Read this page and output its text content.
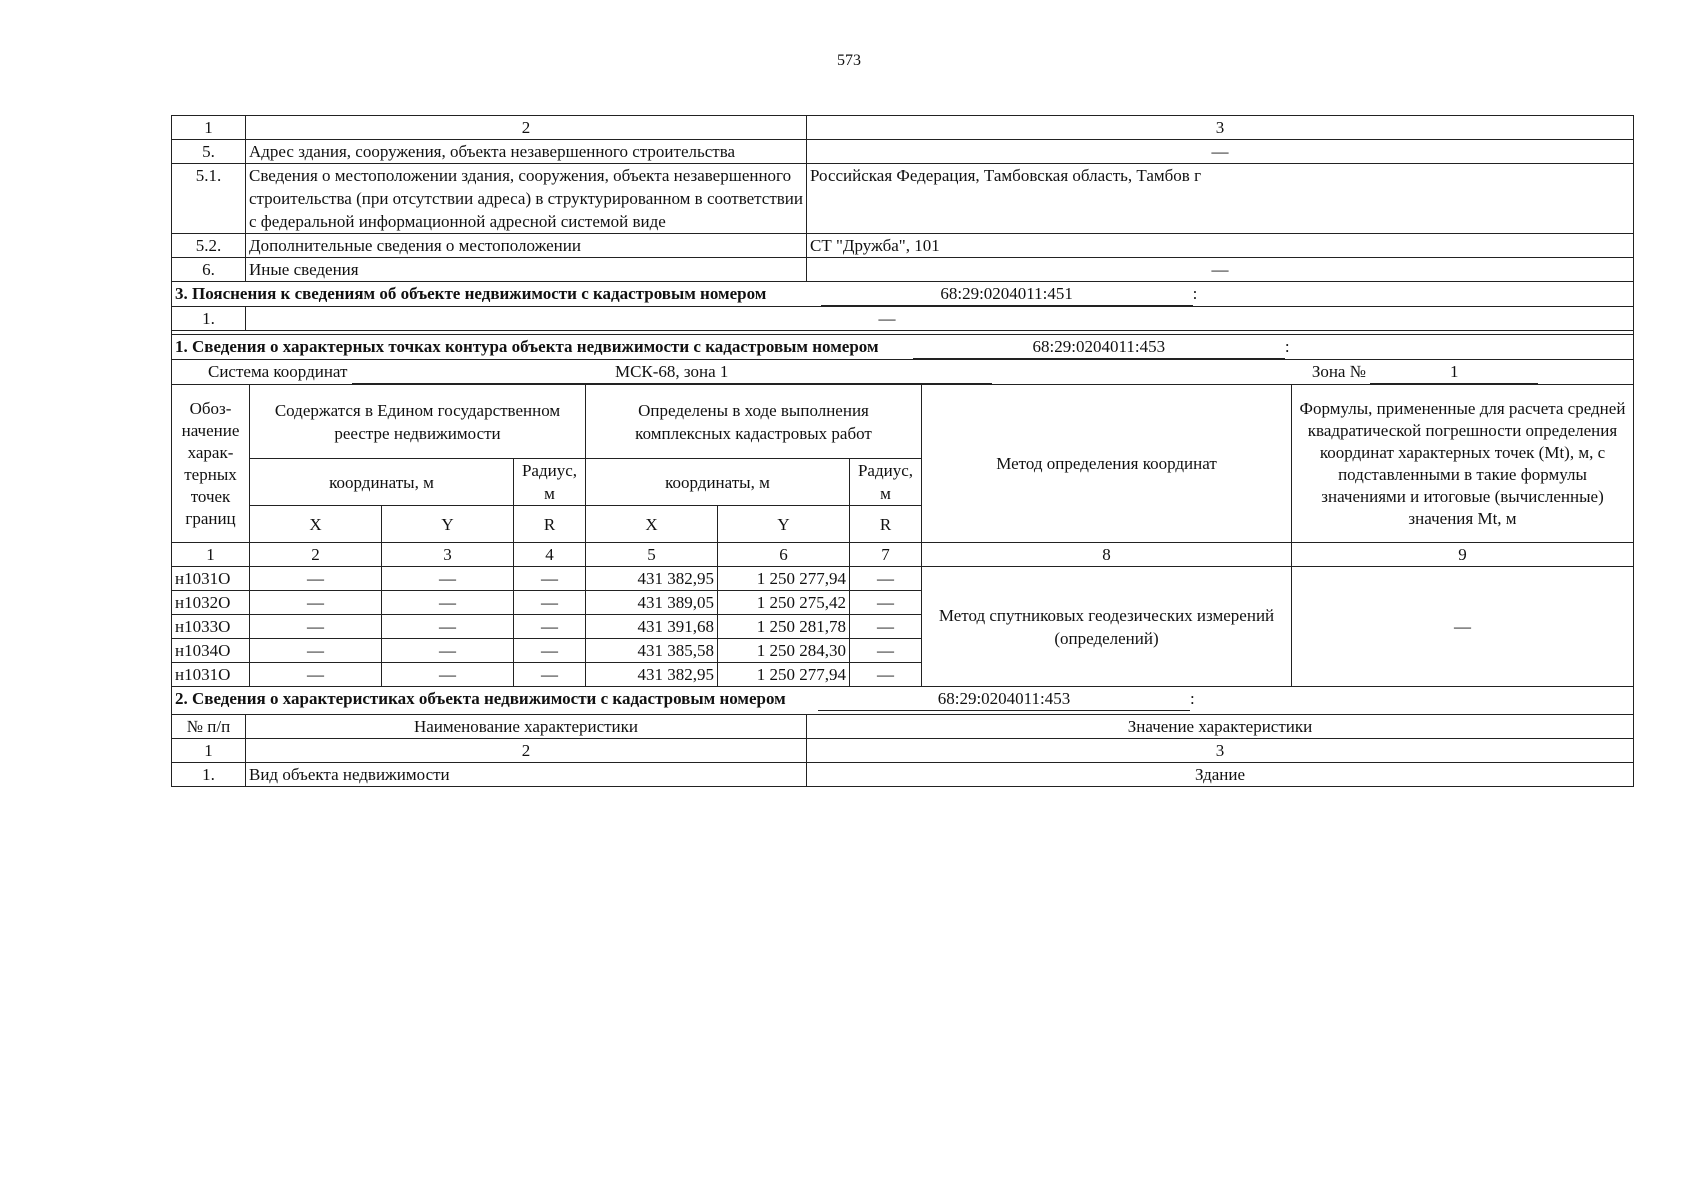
573
1	2	3
5.	Адрес здания, сооружения, объекта незавершенного строительства	—
5.1.	Сведения о местоположении здания, сооружения, объекта незавершенного строительства (при отсутствии адреса) в структурированном в соответствии с федеральной информационной адресной системой виде	Российская Федерация, Тамбовская область, Тамбов г
5.2.	Дополнительные сведения о местоположении	СТ "Дружба", 101
6.	Иные сведения	—
3. Пояснения к сведениям об объекте недвижимости с кадастровым номером 68:29:0204011:451 :		
1.	—	
1. Сведения о характерных точках контура объекта недвижимости с кадастровым номером 68:29:0204011:453 :								
Система координат МСК-68, зона 1 Зона № 1								
Обоз-начение харак-терных точек границ	Содержатся в Едином государственном реестре недвижимости			Определены в ходе выполнения комплексных кадастровых работ			Метод определения координат	Формулы, примененные для расчета средней квадратической погрешности определения координат характерных точек (Mt), м, с подставленными в такие формулы значениями и итоговые (вычисленные) значения Mt, м
	координаты, м		Радиус, м	координаты, м		Радиус, м		
	X	Y	R	X	Y	R		
1	2	3	4	5	6	7	8	9
н1031О	—	—	—	431 382,95	1 250 277,94	—	Метод спутниковых геодезических измерений (определений)	—
н1032О	—	—	—	431 389,05	1 250 275,42	—		
н1033О	—	—	—	431 391,68	1 250 281,78	—		
н1034О	—	—	—	431 385,58	1 250 284,30	—		
н1031О	—	—	—	431 382,95	1 250 277,94	—		
2. Сведения о характеристиках объекта недвижимости с кадастровым номером 68:29:0204011:453 :		
№ п/п	Наименование характеристики	Значение характеристики
1	2	3
1.	Вид объекта недвижимости	Здание
